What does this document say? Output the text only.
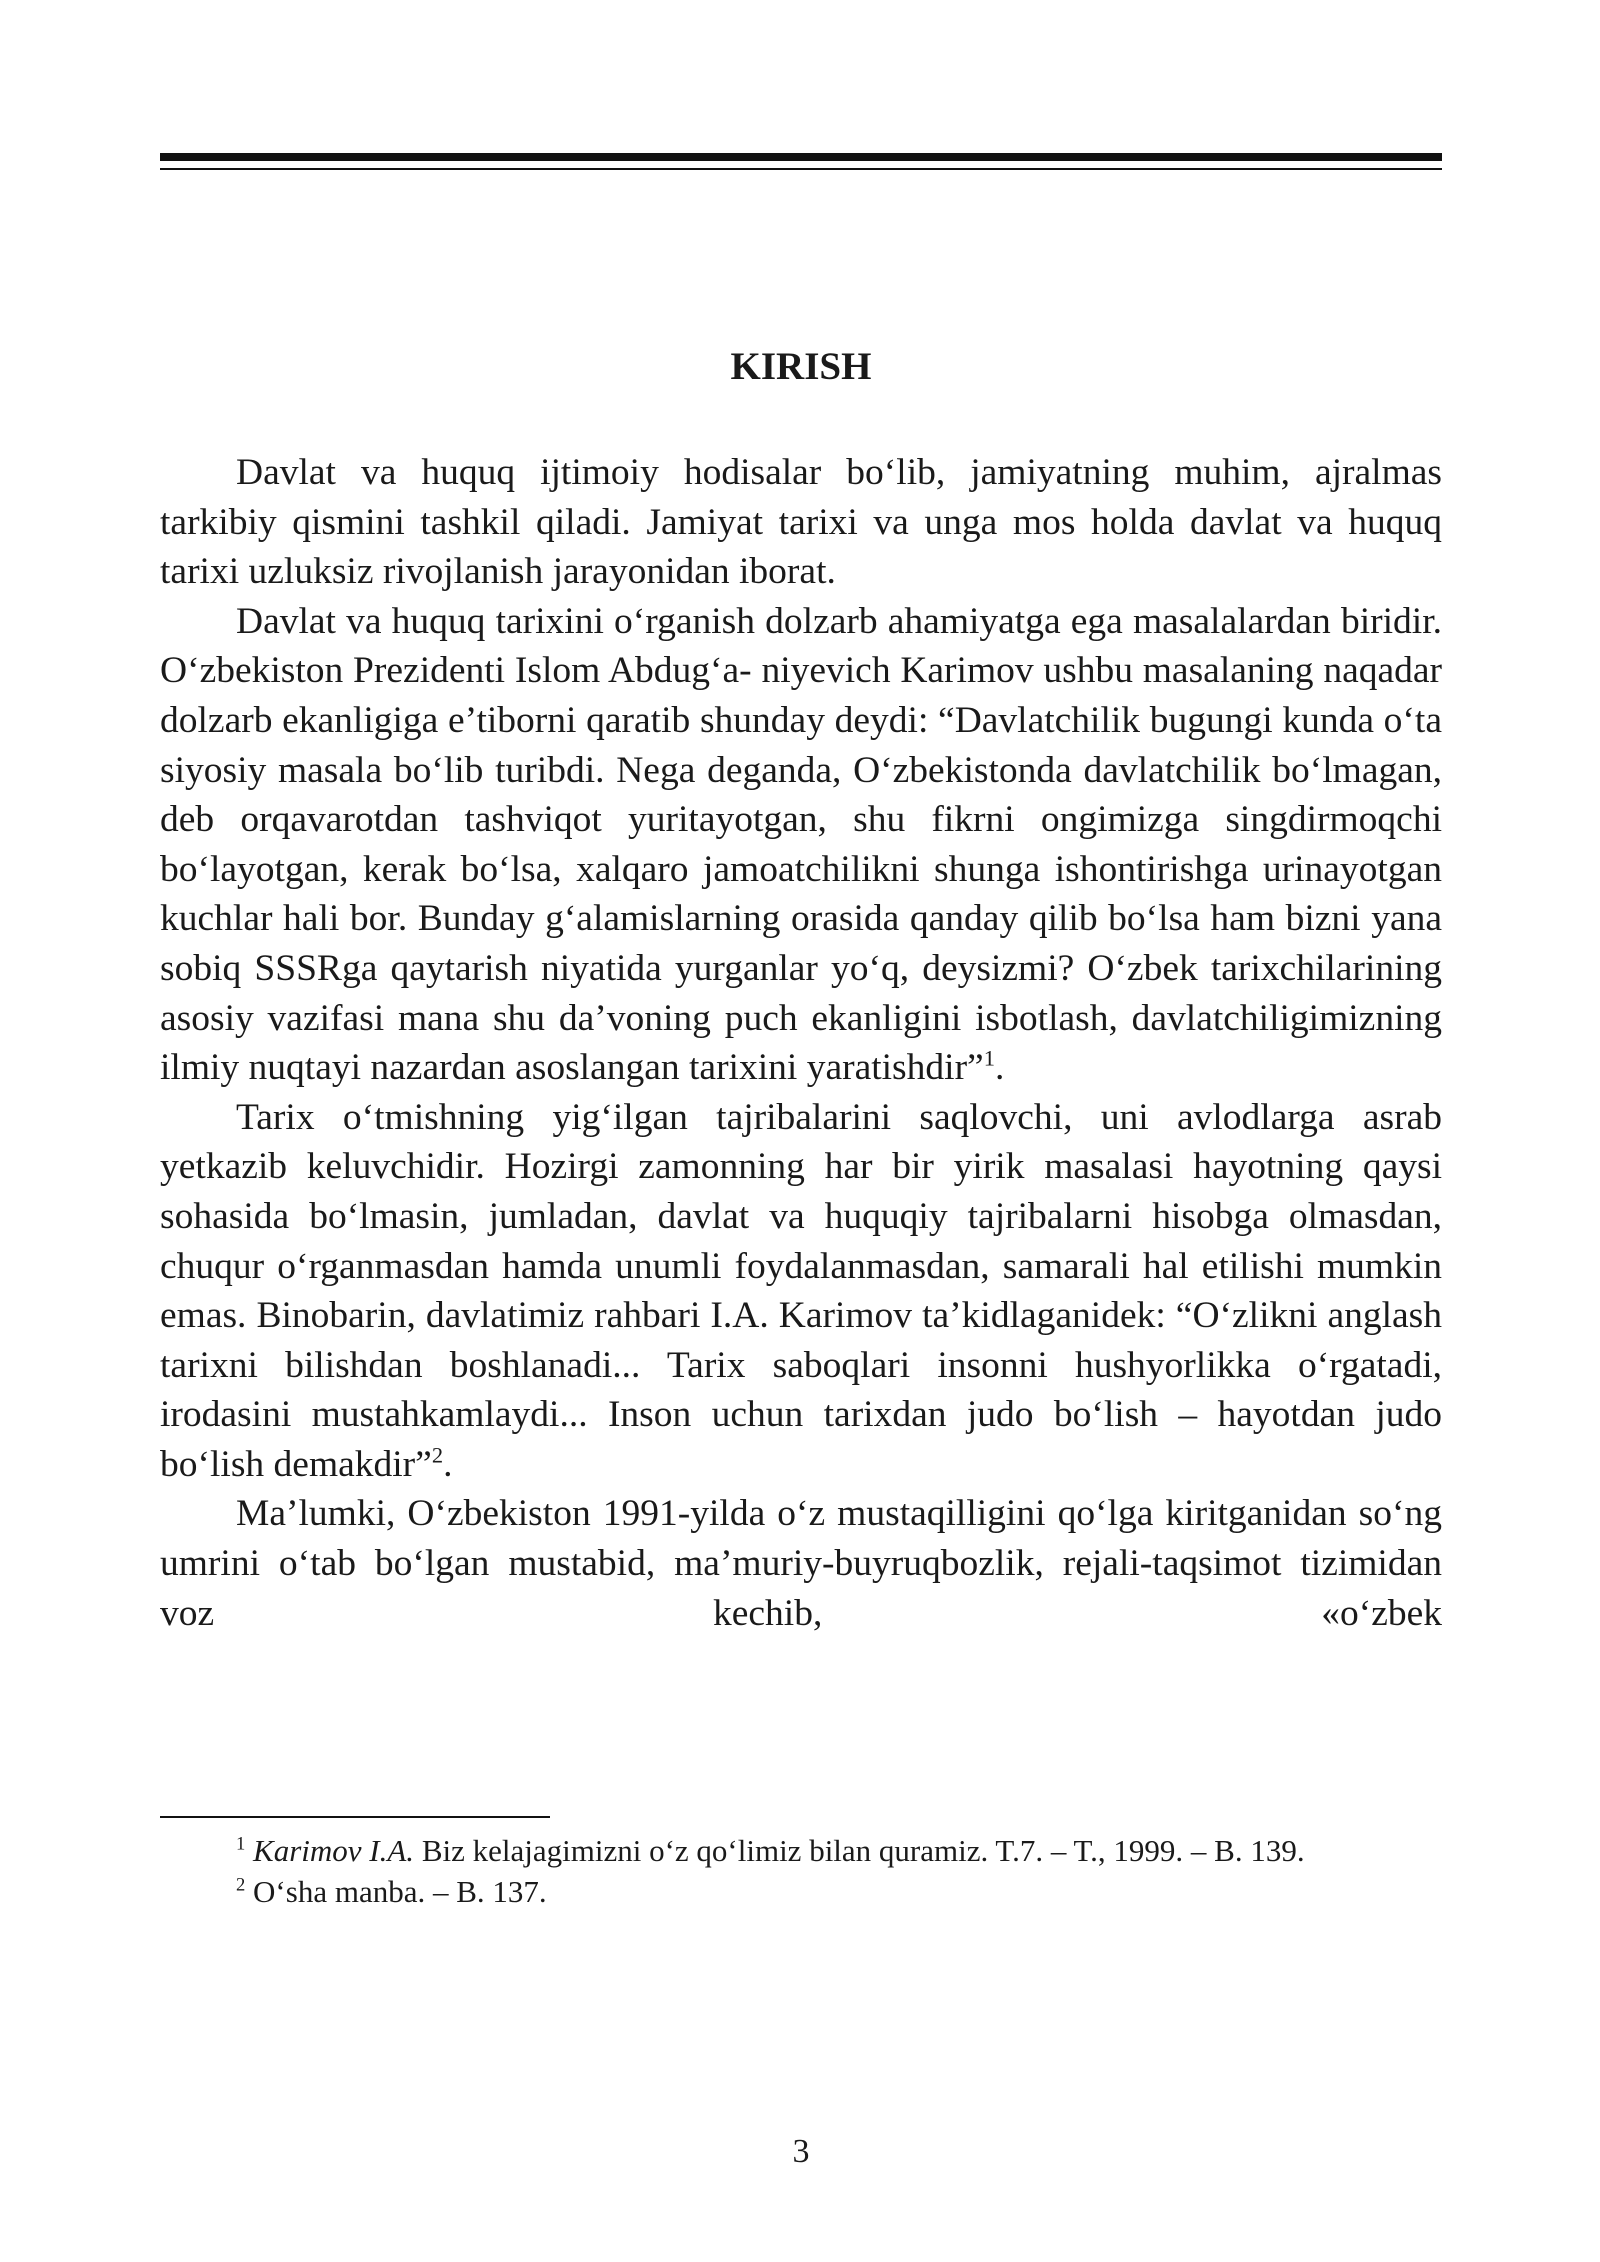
KIRISH

Davlat va huquq ijtimoiy hodisalar bo‘lib, jamiyatning muhim, ajralmas tarkibiy qismini tashkil qiladi. Jamiyat tarixi va unga mos holda davlat va huquq tarixi uzluksiz rivojlanish jarayonidan iborat.

Davlat va huquq tarixini o‘rganish dolzarb ahamiyatga ega masalalardan biridir. O‘zbekiston Prezidenti Islom Abdug‘a- niyevich Karimov ushbu masalaning naqadar dolzarb ekanligiga e’tiborni qaratib shunday deydi: “Davlatchilik bugungi kunda o‘ta siyosiy masala bo‘lib turibdi. Nega deganda, O‘zbekistonda davlatchilik bo‘lmagan, deb orqavarotdan tashviqot yuritayotgan, shu fikrni ongimizga singdirmoqchi bo‘layotgan, kerak bo‘lsa, xalqaro jamoatchilikni shunga ishontirishga urinayotgan kuchlar hali bor. Bunday g‘alamislarning orasida qanday qilib bo‘lsa ham bizni yana sobiq SSSRga qaytarish niyatida yurganlar yo‘q, deysizmi? O‘zbek tarixchilarining asosiy vazifasi mana shu da’voning puch ekanligini isbotlash, davlatchiligimizning ilmiy nuqtayi nazardan asoslangan tarixini yaratishdir”$^1$.

Tarix o‘tmishning yig‘ilgan tajribalarini saqlovchi, uni avlodlarga asrab yetkazib keluvchidir. Hozirgi zamonning har bir yirik masalasi hayotning qaysi sohasida bo‘lmasin, jumladan, davlat va huquqiy tajribalarni hisobga olmasdan, chuqur o‘rganmasdan hamda unumli foydalanmasdan, samarali hal etilishi mumkin emas. Binobarin, davlatimiz rahbari I.A. Karimov ta’kidlaganidek: “O‘zlikni anglash tarixni bilishdan boshlanadi... Tarix saboqlari insonni hushyorlikka o‘rgatadi, irodasini mustahkamlaydi... Inson uchun tarixdan judo bo‘lish – hayotdan judo bo‘lish demakdir”$^2$.

Ma’lumki, O‘zbekiston 1991-yilda o‘z mustaqilligini qo‘lga kiritganidan so‘ng umrini o‘tab bo‘lgan mustabid, ma’muriy-buyruqbozlik, rejali-taqsimot tizimidan voz kechib, «o‘zbek

$^1$ Karimov I.A. Biz kelajagimizni o‘z qo‘limiz bilan quramiz. T.7. – T., 1999. – B. 139.

$^2$ O‘sha manba. – B. 137.

3
